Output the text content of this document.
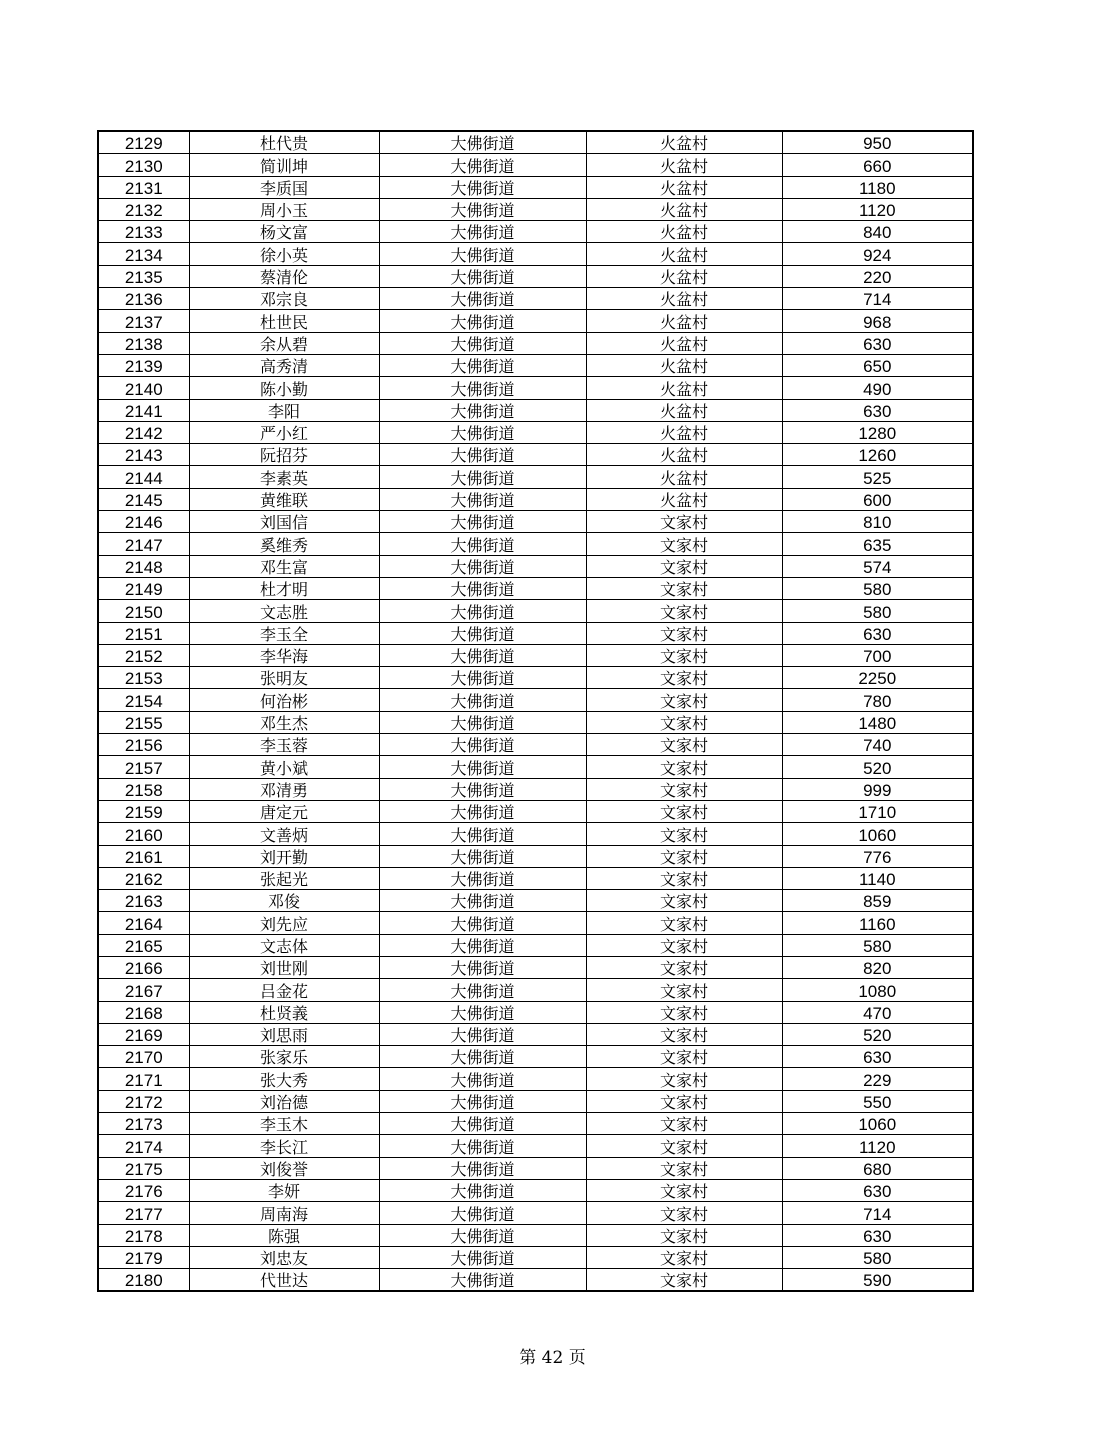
2129	杜代贵	大佛街道	火盆村	950
2130	简训坤	大佛街道	火盆村	660
2131	李质国	大佛街道	火盆村	1180
2132	周小玉	大佛街道	火盆村	1120
2133	杨文富	大佛街道	火盆村	840
2134	徐小英	大佛街道	火盆村	924
2135	蔡清伦	大佛街道	火盆村	220
2136	邓宗良	大佛街道	火盆村	714
2137	杜世民	大佛街道	火盆村	968
2138	余从碧	大佛街道	火盆村	630
2139	高秀清	大佛街道	火盆村	650
2140	陈小勤	大佛街道	火盆村	490
2141	李阳	大佛街道	火盆村	630
2142	严小红	大佛街道	火盆村	1280
2143	阮招芬	大佛街道	火盆村	1260
2144	李素英	大佛街道	火盆村	525
2145	黄维联	大佛街道	火盆村	600
2146	刘国信	大佛街道	文家村	810
2147	奚维秀	大佛街道	文家村	635
2148	邓生富	大佛街道	文家村	574
2149	杜才明	大佛街道	文家村	580
2150	文志胜	大佛街道	文家村	580
2151	李玉全	大佛街道	文家村	630
2152	李华海	大佛街道	文家村	700
2153	张明友	大佛街道	文家村	2250
2154	何治彬	大佛街道	文家村	780
2155	邓生杰	大佛街道	文家村	1480
2156	李玉蓉	大佛街道	文家村	740
2157	黄小斌	大佛街道	文家村	520
2158	邓清勇	大佛街道	文家村	999
2159	唐定元	大佛街道	文家村	1710
2160	文善炳	大佛街道	文家村	1060
2161	刘开勤	大佛街道	文家村	776
2162	张起光	大佛街道	文家村	1140
2163	邓俊	大佛街道	文家村	859
2164	刘先应	大佛街道	文家村	1160
2165	文志体	大佛街道	文家村	580
2166	刘世刚	大佛街道	文家村	820
2167	吕金花	大佛街道	文家村	1080
2168	杜贤義	大佛街道	文家村	470
2169	刘思雨	大佛街道	文家村	520
2170	张家乐	大佛街道	文家村	630
2171	张大秀	大佛街道	文家村	229
2172	刘治德	大佛街道	文家村	550
2173	李玉木	大佛街道	文家村	1060
2174	李长江	大佛街道	文家村	1120
2175	刘俊誉	大佛街道	文家村	680
2176	李妍	大佛街道	文家村	630
2177	周南海	大佛街道	文家村	714
2178	陈强	大佛街道	文家村	630
2179	刘忠友	大佛街道	文家村	580
2180	代世达	大佛街道	文家村	590
第 42 页
